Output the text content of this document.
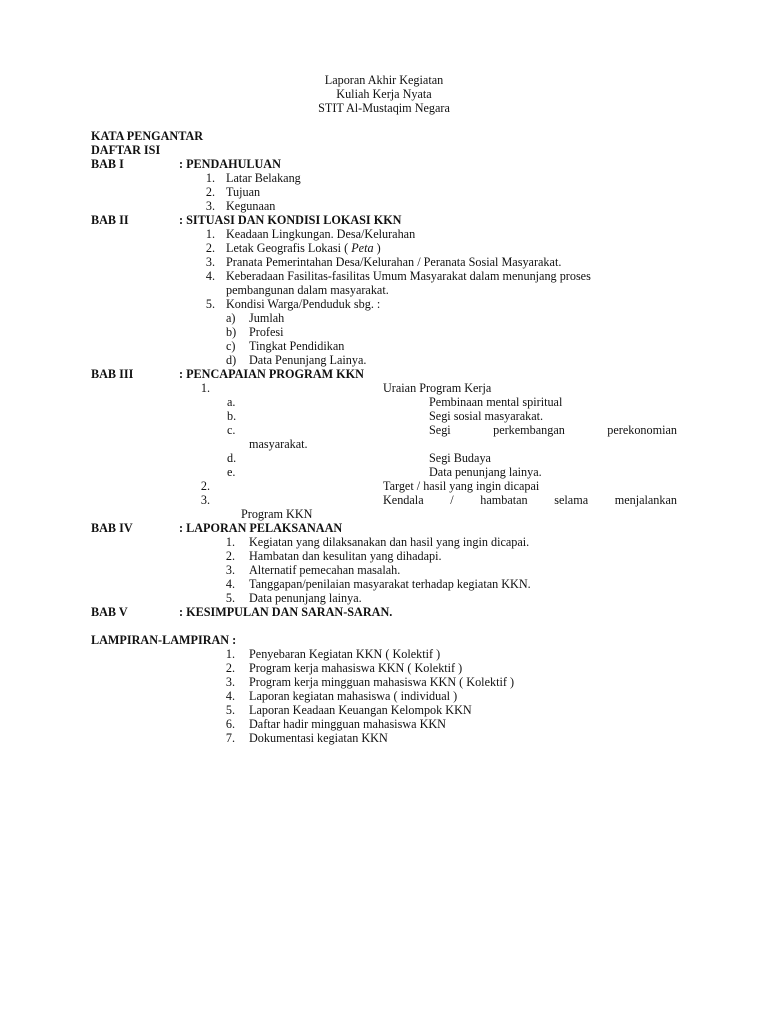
Laporan Akhir Kegiatan
Kuliah Kerja Nyata
STIT Al-Mustaqim Negara
KATA PENGANTAR
DAFTAR ISI
BAB I	: PENDAHULUAN
1. Latar Belakang
2. Tujuan
3. Kegunaan
BAB II	: SITUASI DAN KONDISI LOKASI KKN
1. Keadaan Lingkungan. Desa/Kelurahan
2. Letak Geografis Lokasi ( Peta )
3. Pranata Pemerintahan Desa/Kelurahan / Peranata Sosial Masyarakat.
4. Keberadaan Fasilitas-fasilitas Umum Masyarakat dalam menunjang proses
pembangunan dalam masyarakat.
5. Kondisi Warga/Penduduk sbg. :
a) Jumlah
b) Profesi
c) Tingkat Pendidikan
d) Data Penunjang Lainya.
BAB III	: PENCAPAIAN PROGRAM KKN
1.	Uraian Program Kerja
a.	Pembinaan mental spiritual
b.	Segi sosial masyarakat.
c.	Segi	perkembangan	perekonomian
masyarakat.
d.	Segi Budaya
e.	Data penunjang lainya.
2.	Target / hasil yang ingin dicapai
3.	Kendala / hambatan selama menjalankan
Program KKN
BAB IV	: LAPORAN PELAKSANAAN
1. Kegiatan yang dilaksanakan dan hasil yang ingin dicapai.
2. Hambatan dan kesulitan yang dihadapi.
3. Alternatif pemecahan masalah.
4. Tanggapan/penilaian masyarakat terhadap kegiatan KKN.
5. Data penunjang lainya.
BAB V	: KESIMPULAN DAN SARAN-SARAN.
LAMPIRAN-LAMPIRAN :
1. Penyebaran Kegiatan KKN ( Kolektif )
2. Program kerja mahasiswa KKN ( Kolektif )
3. Program kerja mingguan mahasiswa KKN ( Kolektif )
4. Laporan kegiatan mahasiswa ( individual )
5. Laporan Keadaan Keuangan Kelompok KKN
6. Daftar hadir mingguan mahasiswa KKN
7. Dokumentasi kegiatan KKN
